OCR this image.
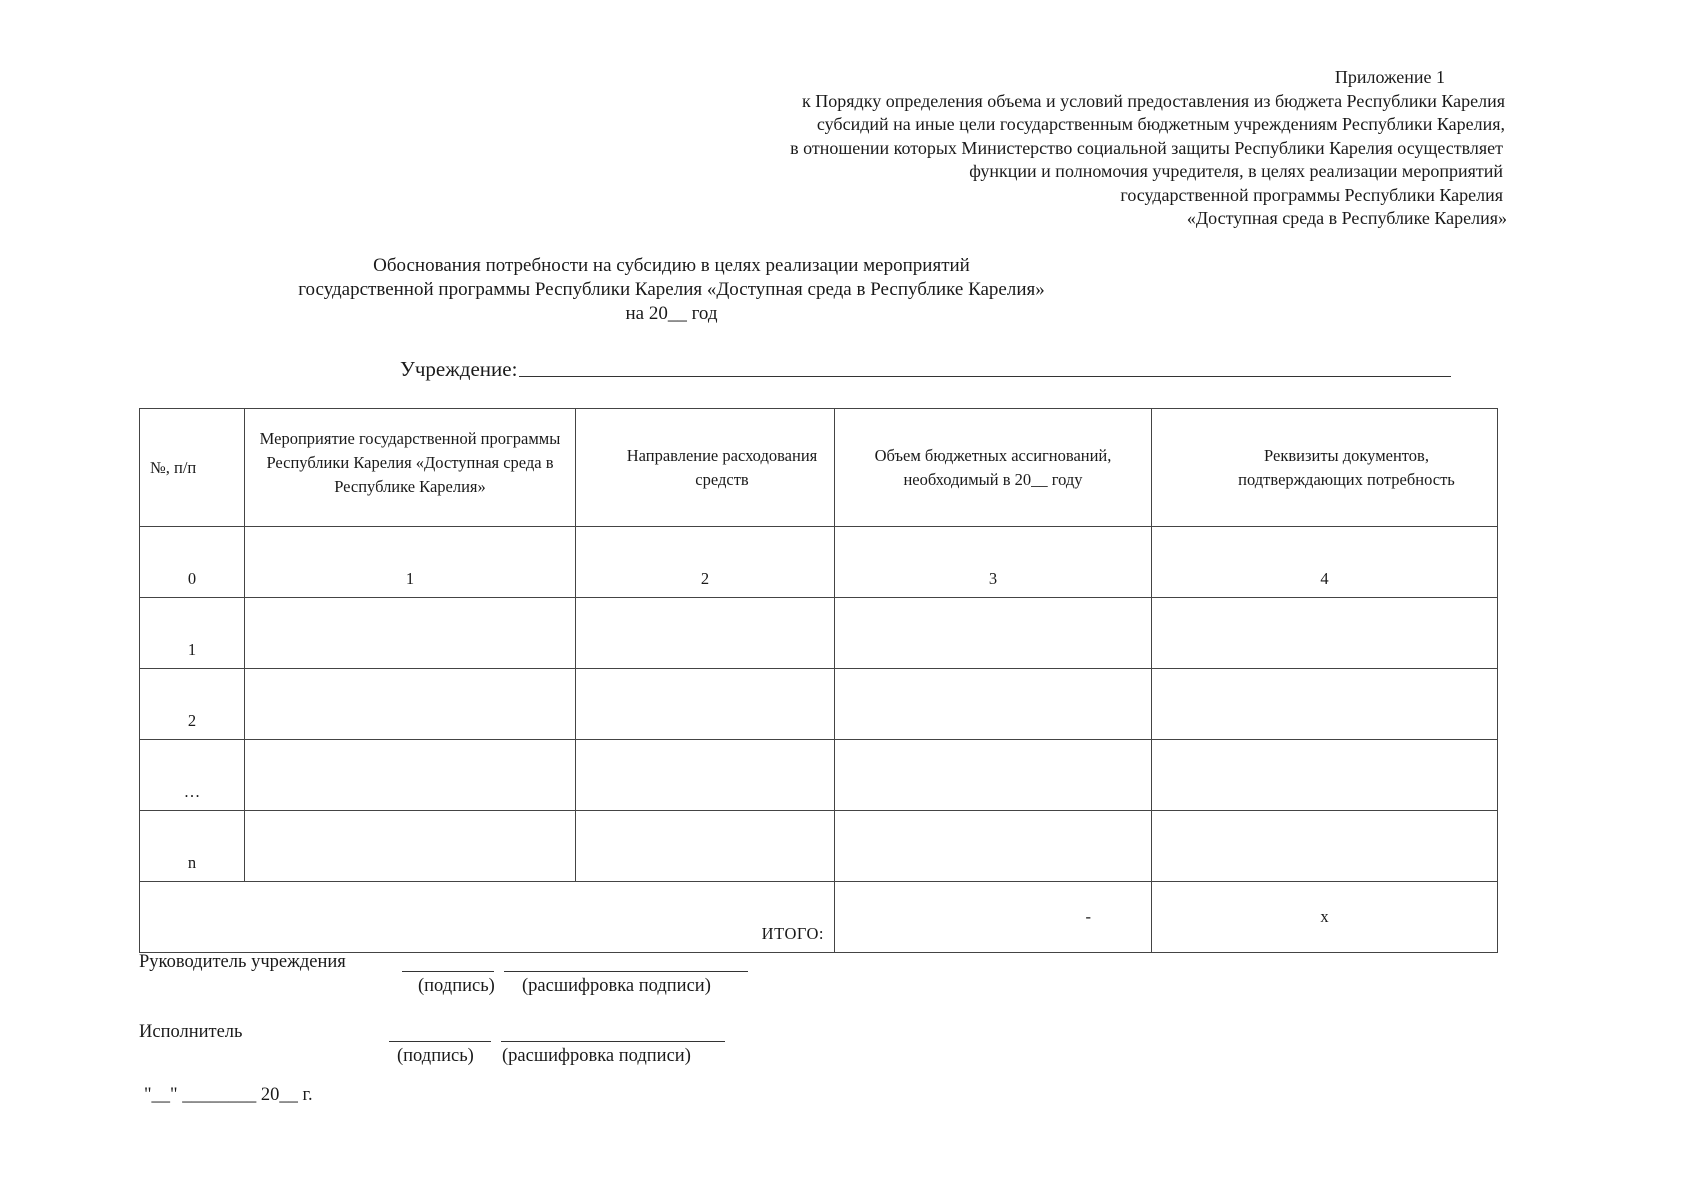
Приложение 1
к Порядку определения объема и условий предоставления из бюджета Республики Карелия
субсидий на иные цели государственным бюджетным учреждениям Республики Карелия,
в отношении которых Министерство социальной защиты Республики Карелия осуществляет
функции и полномочия учредителя, в целях реализации мероприятий
государственной программы Республики Карелия
«Доступная среда в Республике Карелия»
Обоснования потребности на субсидию в целях реализации мероприятий
государственной программы Республики Карелия «Доступная среда в Республике Карелия»
на 20__ год
Учреждение:
№, п/п	Мероприятие государственной программы Республики Карелия «Доступная среда в Республике Карелия»	Направление расходования средств	Объем бюджетных ассигнований, необходимый в 20__ году	Реквизиты документов, подтверждающих потребность

0	1	2	3	4
1				
2				
…				
n				
ИТОГО:			-	x
Руководитель учреждения
(подпись) (расшифровка подписи)
Исполнитель
(подпись) (расшифровка подписи)
"__" ________ 20__ г.
